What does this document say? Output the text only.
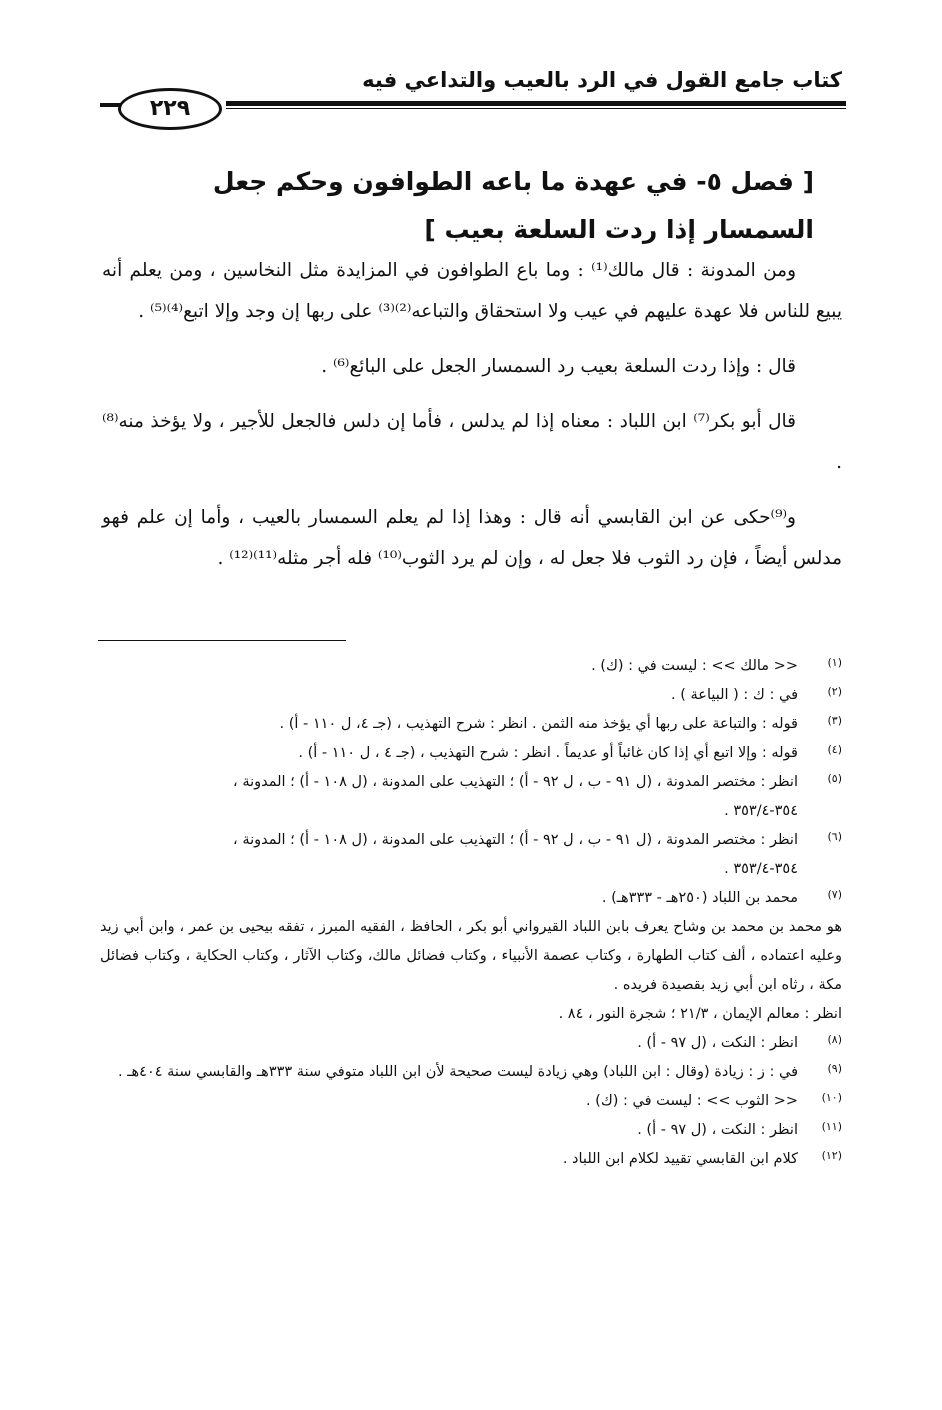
كتاب جامع القول في الرد بالعيب والتداعي فيه
٢٢٩
[ فصل ٥- في عهدة ما باعه الطوافون وحكم جعل السمسار إذا ردت السلعة بعيب ]

ومن المدونة : قال مالك⁽¹⁾ : وما باع الطوافون في المزايدة مثل النخاسين ، ومن يعلم أنه يبيع للناس فلا عهدة عليهم في عيب ولا استحقاق والتباعه⁽²⁾⁽³⁾ على ربها إن وجد وإلا اتبع⁽⁴⁾⁽⁵⁾ .

قال : وإذا ردت السلعة بعيب رد السمسار الجعل على البائع⁽⁶⁾ .

قال أبو بكر⁽⁷⁾ ابن اللباد : معناه إذا لم يدلس ، فأما إن دلس فالجعل للأجير ، ولا يؤخذ منه⁽⁸⁾ .

و⁽⁹⁾حكى عن ابن القابسي أنه قال : وهذا إذا لم يعلم السمسار بالعيب ، وأما إن علم فهو مدلس أيضاً ، فإن رد الثوب فلا جعل له ، وإن لم يرد الثوب⁽¹⁰⁾ فله أجر مثله⁽¹¹⁾⁽¹²⁾ .

(١)
<< مالك >> : ليست في : (ك) .
(٢)
في : ك : ( البياعة ) .
(٣)
قوله : والتباعة على ربها أي يؤخذ منه الثمن . انظر : شرح التهذيب ، (جـ ٤، ل ١١٠ - أ) .
(٤)
قوله : وإلا اتبع أي إذا كان غائباً أو عديماً . انظر : شرح التهذيب ، (جـ ٤ ، ل ١١٠ - أ) .
(٥)
انظر : مختصر المدونة ، (ل ٩١ - ب ، ل ٩٢ - أ) ؛ التهذيب على المدونة ، (ل ١٠٨ - أ) ؛ المدونة ،
٣٥٤-٣٥٣/٤ .
(٦)
انظر : مختصر المدونة ، (ل ٩١ - ب ، ل ٩٢ - أ) ؛ التهذيب على المدونة ، (ل ١٠٨ - أ) ؛ المدونة ،
٣٥٤-٣٥٣/٤ .
(٧)
محمد بن اللباد (٢٥٠هـ - ٣٣٣هـ) .
هو محمد بن محمد بن وشاح يعرف بابن اللباد القيرواني أبو بكر ، الحافظ ، الفقيه المبرز ، تفقه بيحيى بن عمر ، وابن أبي زيد وعليه اعتماده ، ألف كتاب الطهارة ، وكتاب عصمة الأنبياء ، وكتاب فضائل مالك، وكتاب الآثار ، وكتاب الحكاية ، وكتاب فضائل مكة ، رثاه ابن أبي زيد بقصيدة فريده .
انظر : معالم الإيمان ، ٢١/٣ ؛ شجرة النور ، ٨٤ .
(٨)
انظر : النكت ، (ل ٩٧ - أ) .
(٩)
في : ز : زيادة (وقال : ابن اللباد) وهي زيادة ليست صحيحة لأن ابن اللباد متوفي سنة ٣٣٣هـ والقابسي سنة ٤٠٤هـ .
(١٠)
<< الثوب >> : ليست في : (ك) .
(١١)
انظر : النكت ، (ل ٩٧ - أ) .
(١٢)
كلام ابن القابسي تقييد لكلام ابن اللباد .
